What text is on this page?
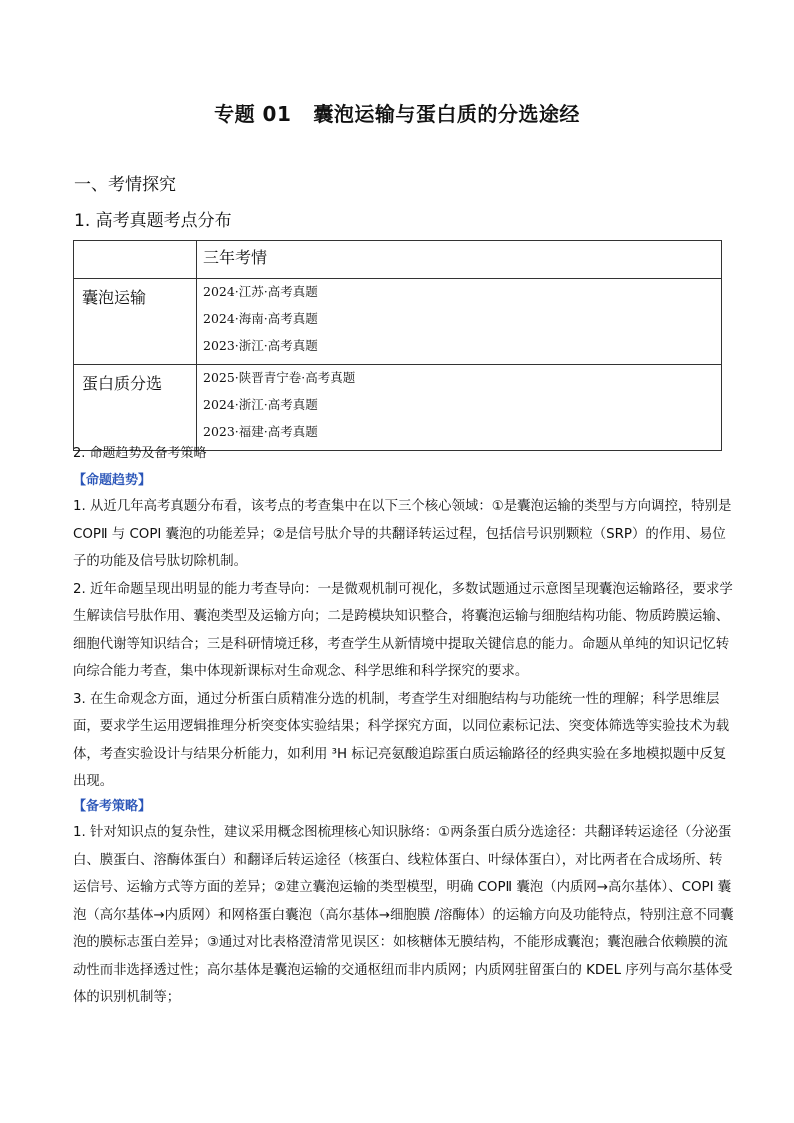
专题 01 囊泡运输与蛋白质的分选途经
一、考情探究
1. 高考真题考点分布
	三年考情
囊泡运输	2024·江苏·高考真题
2024·海南·高考真题
2023·浙江·高考真题

蛋白质分选	2025·陕晋青宁卷·高考真题
2024·浙江·高考真题
2023·福建·高考真题
2. 命题趋势及备考策略
【命题趋势】

1. 从近几年高考真题分布看，该考点的考查集中在以下三个核心领域：①是囊泡运输的类型与方向调控，特别是 COPⅡ 与 COPⅠ 囊泡的功能差异；②是信号肽介导的共翻译转运过程，包括信号识别颗粒（SRP）的作用、易位子的功能及信号肽切除机制。

2. 近年命题呈现出明显的能力考查导向：一是微观机制可视化，多数试题通过示意图呈现囊泡运输路径，要求学生解读信号肽作用、囊泡类型及运输方向；二是跨模块知识整合，将囊泡运输与细胞结构功能、物质跨膜运输、细胞代谢等知识结合；三是科研情境迁移，考查学生从新情境中提取关键信息的能力。命题从单纯的知识记忆转向综合能力考查，集中体现新课标对生命观念、科学思维和科学探究的要求。

3. 在生命观念方面，通过分析蛋白质精准分选的机制，考查学生对细胞结构与功能统一性的理解；科学思维层面，要求学生运用逻辑推理分析突变体实验结果；科学探究方面，以同位素标记法、突变体筛选等实验技术为载体，考查实验设计与结果分析能力，如利用 ³H 标记亮氨酸追踪蛋白质运输路径的经典实验在多地模拟题中反复出现。

【备考策略】

1. 针对知识点的复杂性，建议采用概念图梳理核心知识脉络：①两条蛋白质分选途径：共翻译转运途径（分泌蛋白、膜蛋白、溶酶体蛋白）和翻译后转运途径（核蛋白、线粒体蛋白、叶绿体蛋白），对比两者在合成场所、转运信号、运输方式等方面的差异；②建立囊泡运输的类型模型，明确 COPⅡ 囊泡（内质网→高尔基体）、COPⅠ 囊泡（高尔基体→内质网）和网格蛋白囊泡（高尔基体→细胞膜 /溶酶体）的运输方向及功能特点，特别注意不同囊泡的膜标志蛋白差异；③通过对比表格澄清常见误区：如核糖体无膜结构，不能形成囊泡；囊泡融合依赖膜的流动性而非选择透过性；高尔基体是囊泡运输的交通枢纽而非内质网；内质网驻留蛋白的 KDEL 序列与高尔基体受体的识别机制等；
